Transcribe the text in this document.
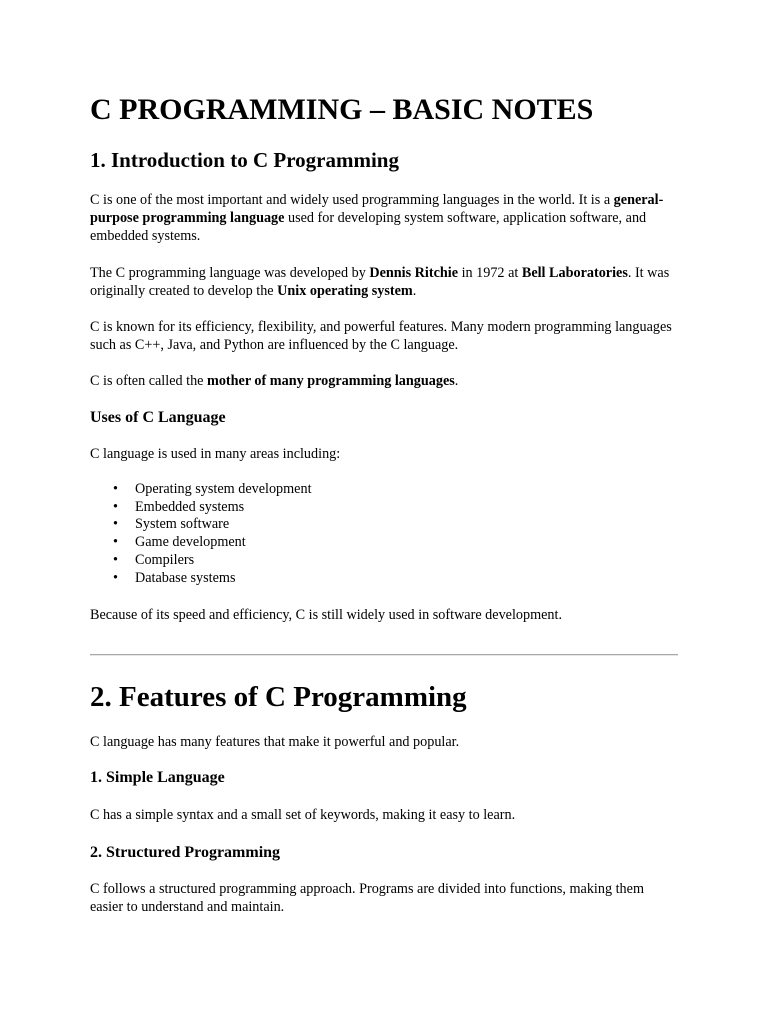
C PROGRAMMING – BASIC NOTES
1. Introduction to C Programming

C is one of the most important and widely used programming languages in the world. It is a general-purpose programming language used for developing system software, application software, and embedded systems.

The C programming language was developed by Dennis Ritchie in 1972 at Bell Laboratories. It was originally created to develop the Unix operating system.

C is known for its efficiency, flexibility, and powerful features. Many modern programming languages such as C++, Java, and Python are influenced by the C language.

C is often called the mother of many programming languages.

Uses of C Language

C language is used in many areas including:

• Operating system development
• Embedded systems
• System software
• Game development
• Compilers
• Database systems

Because of its speed and efficiency, C is still widely used in software development.

2. Features of C Programming

C language has many features that make it powerful and popular.

1. Simple Language

C has a simple syntax and a small set of keywords, making it easy to learn.

2. Structured Programming

C follows a structured programming approach. Programs are divided into functions, making them easier to understand and maintain.
